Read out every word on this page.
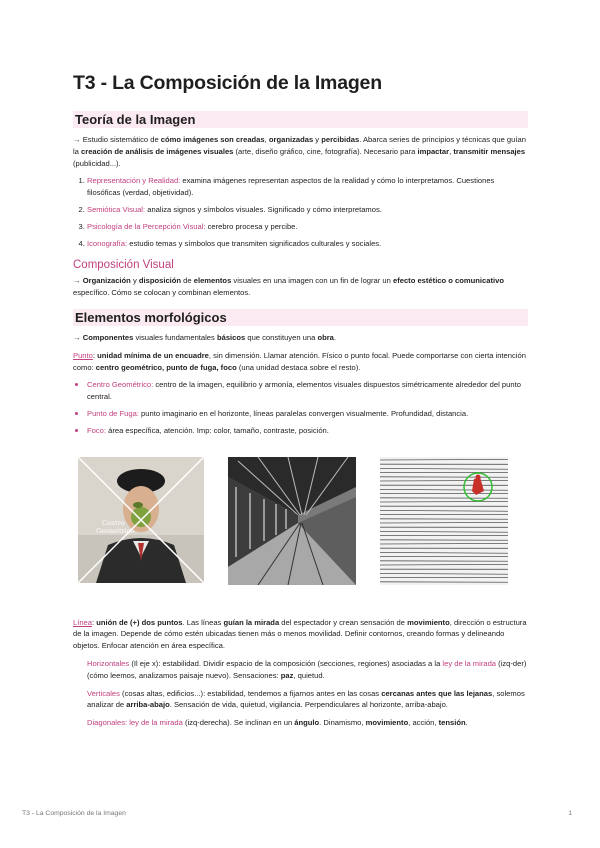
T3 - La Composición de la Imagen
Teoría de la Imagen

→ Estudio sistemático de cómo imágenes son creadas, organizadas y percibidas. Abarca series de principios y técnicas que guían la creación de análisis de imágenes visuales (arte, diseño gráfico, cine, fotografía). Necesario para impactar, transmitir mensajes (publicidad...).

1. Representación y Realidad: examina imágenes representan aspectos de la realidad y cómo lo interpretamos. Cuestiones filosóficas (verdad, objetividad).
2. Semiótica Visual: analiza signos y símbolos visuales. Significado y cómo interpretamos.
3. Psicología de la Percepción Visual: cerebro procesa y percibe.
4. Iconografía: estudio temas y símbolos que transmiten significados culturales y sociales.
Composición Visual

→ Organización y disposición de elementos visuales en una imagen con un fin de lograr un efecto estético o comunicativo específico. Cómo se colocan y combinan elementos.

Elementos morfológicos

→ Componentes visuales fundamentales básicos que constituyen una obra.

Punto: unidad mínima de un encuadre, sin dimensión. Llamar atención. Físico o punto focal. Puede comportarse con cierta intención como: centro geométrico, punto de fuga, foco (una unidad destaca sobre el resto).

• Centro Geométrico: centro de la imagen, equilibrio y armonía, elementos visuales dispuestos simétricamente alrededor del punto central.
• Punto de Fuga: punto imaginario en el horizonte, líneas paralelas convergen visualmente. Profundidad, distancia.
• Foco: área específica, atención. Imp: color, tamaño, contraste, posición.
Centro
Geométrico

Línea: unión de (+) dos puntos. Las líneas guían la mirada del espectador y crean sensación de movimiento, dirección o estructura de la imagen. Depende de cómo estén ubicadas tienen más o menos movilidad. Definir contornos, creando formas y delineando objetos. Enfocar atención en área específica.

Horizontales (Il eje x): estabilidad. Dividir espacio de la composición (secciones, regiones) asociadas a la ley de la mirada (izq-der) (cómo leemos, analizamos paisaje nuevo). Sensaciones: paz, quietud.

Verticales (cosas altas, edificios...): estabilidad, tendemos a fijarnos antes en las cosas cercanas antes que las lejanas, solemos analizar de arriba-abajo. Sensación de vida, quietud, vigilancia. Perpendiculares al horizonte, arriba-abajo.

Diagonales: ley de la mirada (izq-derecha). Se inclinan en un ángulo. Dinamismo, movimiento, acción, tensión.

T3 - La Composición de la Imagen	1
